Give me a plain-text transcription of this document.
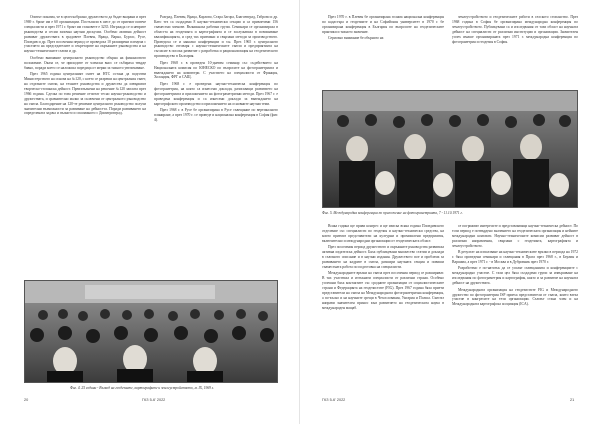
Опитът показва, че в целесъобразно дружеството да бъдат вкарани и през 1969 г. броят им е 60 организации. Постъпили в шест до от приемат повече специалисти и през 1971 г. броят им становете е 3235. Изгражда се и неврите ръководства и сесии започна научни дискусии. Особено активна дейност развиват дружествата в градовете Плевен, Враца, Варна, Бургас, Русе, Пловдив и др. През посочения период се проведоха 10 разширени пленума с участието на председателите и секретарите на окръжните ръководства и на научно-техническите съюзи и др.

Особено внимание централното ръководство обърна на финансовото положение. Оказа се, че приходите от членски внос се събираха твърде бавно, поради което се наложиха поредица от мерки за тяхното увеличаване.

През 1965 година централният съвет на НТС остана да подготви Министерството на основа на №120, с което се разреши на централния съвет, на отделните съюзи, на техните ръководства и дружества да извършват творческо-стопанска дейност. Преизпълнени на решение №120 заплата през 1966 година. Сделка по това решение отчитат тесно научно-ръководство и дружествата, и сравнително малко за сключени от централното ръководство на съюза. Благодарение на 120-те решение централното ръководство получи значителни възможности за развиване на дейността. Поради развиването на определената задача и пълното и спасяваното с Димитровград.

Разград, Плевен, Враца, Карлово, Стара Загора, Благоевград, Габрово и др. Като тез са създадени 8 научно-технически секции и са привлечени 156 съвместни членове. Възникнаха работни групи. Семинари се организираха в областта на геодезията и картографията и се заслужаваха в повишаване квалификацията, и сред тях приемани и свързани методи за производството. Проведоха се и няколко конференции и т.н. През 1965 г. централното ръководство отговаря с научно-техническите съюзи и предприятията на съгласие в посока развитие с разработка и рационализация на геодезическото производство в България.

През 1968 г. в проведен 10-дневен семинар със съдействието на Националната комисия по ЮНЕСКО по въпросите на фотограметрията и въвеждането на компютри. С участието на специалисти от Франция, Холандия, ФРГ и САЩ.

През 1968 г. е проведена научно-техническа конференция по фотограметрия, на която са изнесени доклади, разискващи развитието на фотограметрията и приложението на фотограметрични методи. През 1967 г. е проведена конференция и са изнесени доклади за въвеждането на картографското производство и приложението на основните научни теми.

През 1968 г. в Русе бе организирана в Русе съвещание по вертикалното планиране, а през 1970 г. се проведе и национална конференция в София (фиг. 4).

Фиг. 4. 25 години - Вълкод на геодезиите, картографите и землеустройството, м. IX, 1969 г.
20	ГКЗ 5-6' 2022

През 1970 г. в Плевен бе организирана голяма национална конференция по кадастъра и геодезиите и на Софийския университет в 1970 г. бе организирана конференция в България по въпросите на геодезическите практики и тяхното значение.

Сериозно внимание бе обърнато на

землеустройството и геодезическите работи в селското стопанство. През 1968 година в София бе организирана международна конференция по землеустройството. Публикувани са и изследвания от тази област на научната дейност на специалисти от различни институции и организации. Значителен успех имаше организираната през 1971 г. международна конференция по фотограметрия и геодезия в София.

Фиг. 5. Международна конференция по приложение на фотограметрията, 7 - 11.10.1971 г.

Всяка година ще прави конгрес и ще изиска всяка година Пловдивското отделение със специалисти по геодезия и научно-технически средства, на които приемат представители на културни и промишлени предприятия, включително и международни организации от геодезическата област.

През посочения период дружеството и окръжните ръководства развиваха активна издателска дейност. Бяха публикувани множество статии и доклади в съюзното списание и в научни издания. Дружеството пое и проблема за развиването на кадрите в съюза, разшири научната секция и повиши съвместната работа по подготовка на специалисти.

Международните връзки на съюза през посочения период се разширяват. В тях участваха и изтъкнати специалисти от различни страни. Особено успешни бяха контактите със сродните организации от социалистическите страни и Федерацията на геодезистите (FIG). През 1967 година бяха приети представители на съюза на Международната фотограметрична конференция, а по-късно и на научните срещи в Чехословакия, Унгария и Полша. Съюзът направи значителен принос към развитието на геодезическата наука в международен мащаб.

се погрижват интересите и представляващи научно-техническа дейност. По този период е потвърдено значението на геодезическата организация и нейните международни контакти. Научно-техническите комисии развиват дейност в различни направления, свързани с геодезията, картографията и землеустройството.

В резултат на използване на научно-техническите връзки в периода на 1972 г. бяха проведени семинари и съвещания в Прага през 1968 г., в Берлин и Варшава, а през 1971 г. - в Москва и в Дубровник през 1970 г.

Разработено е по-нататък да се усилят съвещанията и конференциите с международно участие. С тази цел бяха създадени групи за извършване на изследвания по фотограметрия и картография, както и за развитие на научната дейност на дружествата.

Международната организация на геодезистите FIG и Международното дружество по фотограметрия ISP приеха представители от съюза, които взеха участие в конгресите на тези организации. Съюзът стана член и на Международната картографска асоциация (ICA).

ГКЗ 5-6' 2022	21
